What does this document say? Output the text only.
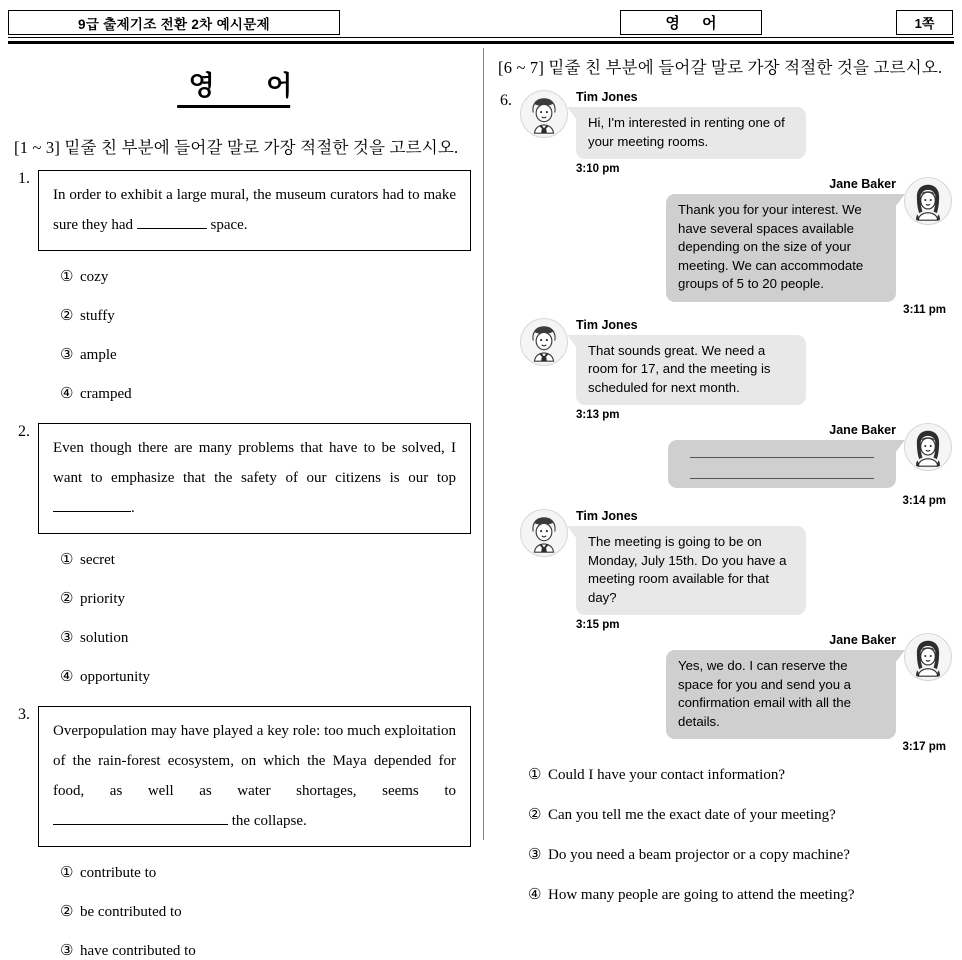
9급 출제기조 전환 2차 예시문제	영 어	1쪽
영 어
[1 ~ 3] 밑줄 친 부분에 들어갈 말로 가장 적절한 것을 고르시오.
1.
In order to exhibit a large mural, the museum curators had to make sure they had	space.
① cozy
② stuffy
③ ample
④ cramped
2.
Even though there are many problems that have to be solved, I want to emphasize that the safety of our citizens is our top .
① secret
② priority
③ solution
④ opportunity
3.
Overpopulation may have played a key role: too much exploitation of the rain-forest ecosystem, on which the Maya depended for food, as well as water shortages, seems to  the collapse.
① contribute to
② be contributed to
③ have contributed to
[6 ~ 7] 밑줄 친 부분에 들어갈 말로 가장 적절한 것을 고르시오.
6.	Tim Jones
Hi, I'm interested in renting one of your meeting rooms.
3:10 pm
Jane Baker
Thank you for your interest. We have several spaces available depending on the size of your meeting. We can accommodate groups of 5 to 20 people.
3:11 pm
Tim Jones
That sounds great. We need a room for 17, and the meeting is scheduled for next month.
3:13 pm
Jane Baker
3:14 pm
Tim Jones
The meeting is going to be on Monday, July 15th. Do you have a meeting room available for that day?
3:15 pm
Jane Baker
Yes, we do. I can reserve the space for you and send you a confirmation email with all the details.
3:17 pm
① Could I have your contact information?
② Can you tell me the exact date of your meeting?
③ Do you need a beam projector or a copy machine?
④ How many people are going to attend the meeting?
